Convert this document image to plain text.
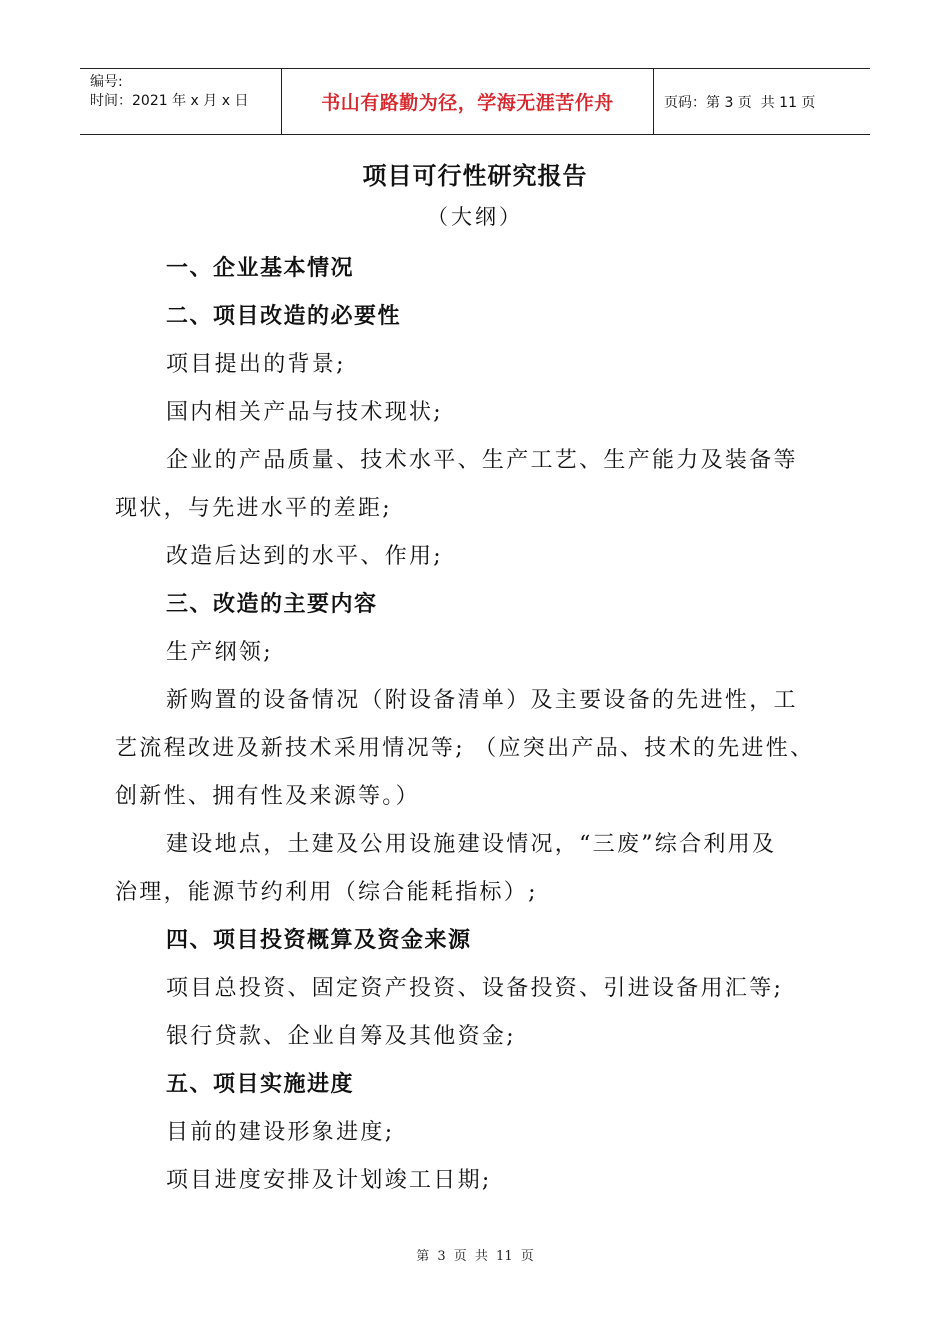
编号:
时间：2021 年 x 月 x 日	书山有路勤为径，学海无涯苦作舟	页码：第 3 页  共 11 页
项目可行性研究报告
（大纲）
一、企业基本情况
二、项目改造的必要性
项目提出的背景;
国内相关产品与技术现状;
企业的产品质量、技术水平、生产工艺、生产能力及装备等
现状，与先进水平的差距;
改造后达到的水平、作用;
三、改造的主要内容
生产纲领;
新购置的设备情况（附设备清单）及主要设备的先进性，工
艺流程改进及新技术采用情况等; （应突出产品、技术的先进性、
创新性、拥有性及来源等。）
建设地点，土建及公用设施建设情况，“三废”综合利用及
治理，能源节约利用（综合能耗指标）;
四、项目投资概算及资金来源
项目总投资、固定资产投资、设备投资、引进设备用汇等;
银行贷款、企业自筹及其他资金;
五、项目实施进度
目前的建设形象进度;
项目进度安排及计划竣工日期;
第 3 页 共 11 页
